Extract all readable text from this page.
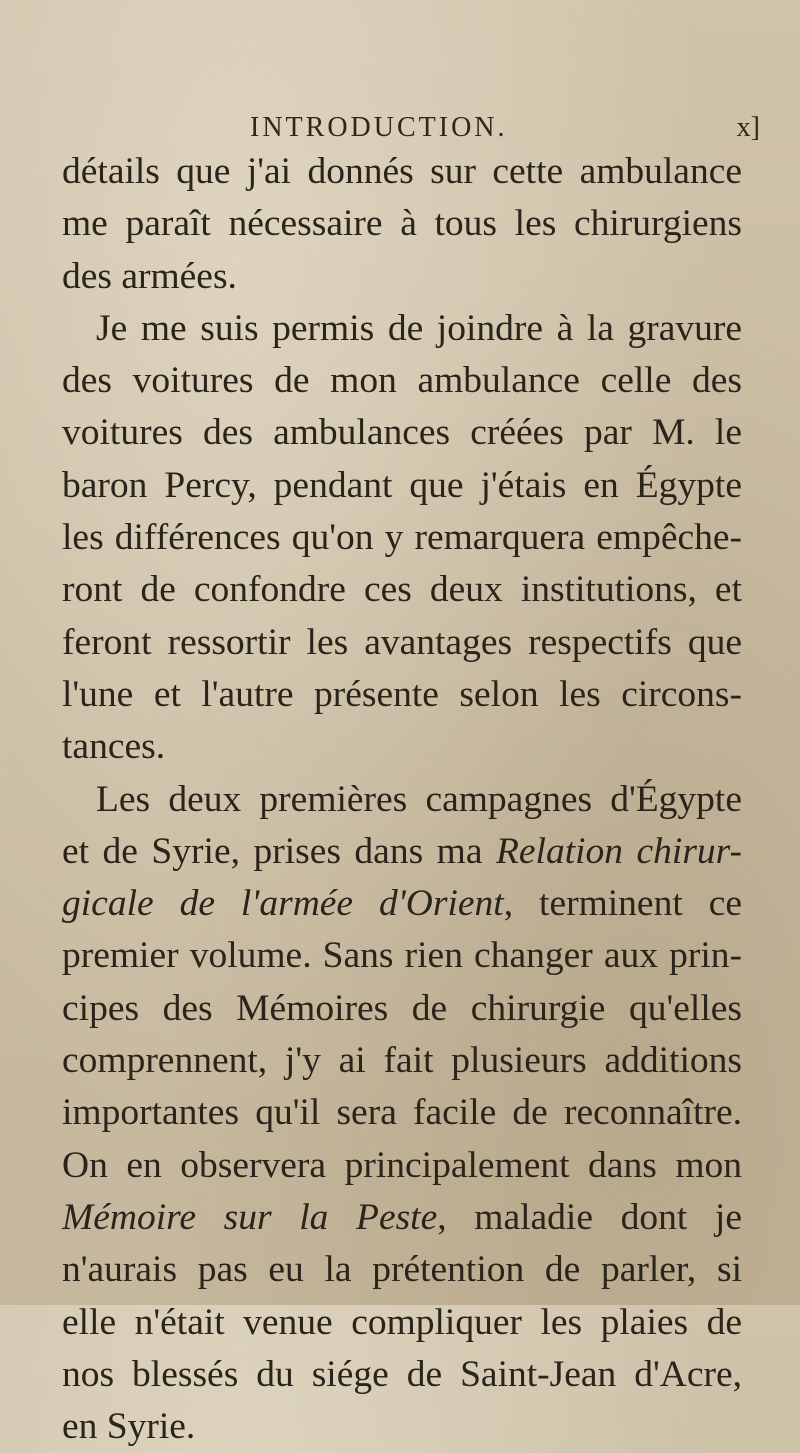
INTRODUCTION.	x]
détails que j'ai donnés sur cette ambulance
me paraît nécessaire à tous les chirurgiens
des armées.
Je me suis permis de joindre à la gravure
des voitures de mon ambulance celle des
voitures des ambulances créées par M. le
baron Percy, pendant que j'étais en Égypte
les différences qu'on y remarquera empêche-
ront de confondre ces deux institutions, et
feront ressortir les avantages respectifs que
l'une et l'autre présente selon les circons-
tances.
Les deux premières campagnes d'Égypte
et de Syrie, prises dans ma Relation chirur-
gicale de l'armée d'Orient, terminent ce
premier volume. Sans rien changer aux prin-
cipes des Mémoires de chirurgie qu'elles
comprennent, j'y ai fait plusieurs additions
importantes qu'il sera facile de reconnaître.
On en observera principalement dans mon
Mémoire sur la Peste, maladie dont je
n'aurais pas eu la prétention de parler, si
elle n'était venue compliquer les plaies de
nos blessés du siége de Saint-Jean d'Acre,
en Syrie.
